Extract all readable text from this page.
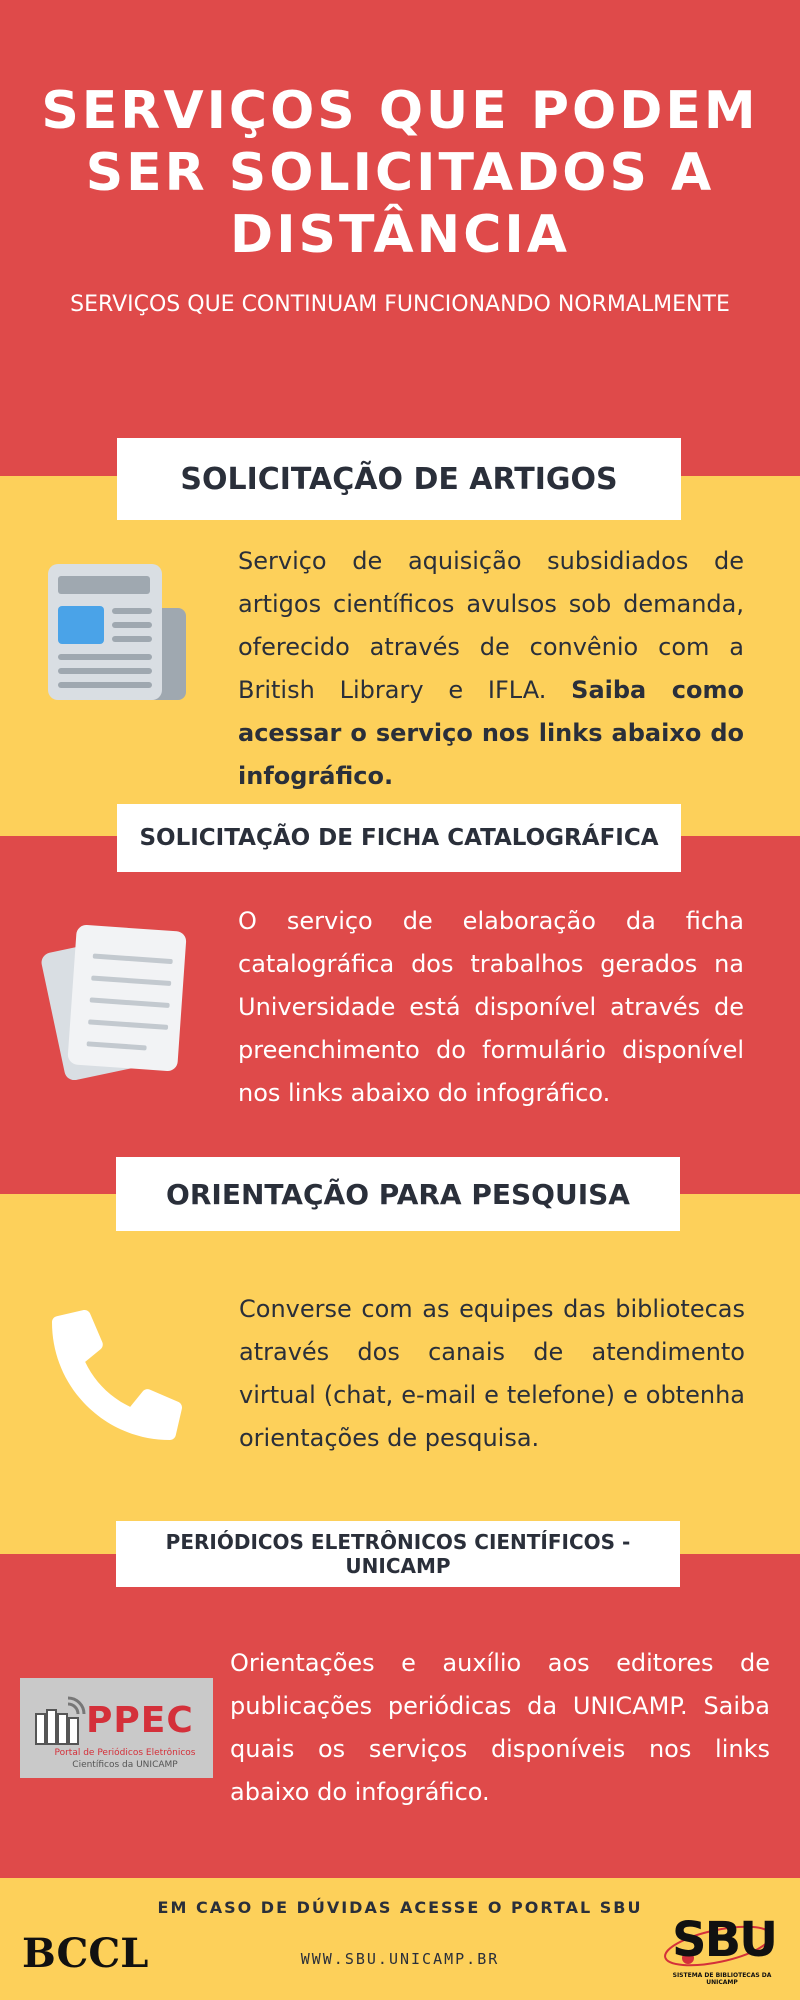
SERVIÇOS QUE PODEM SER SOLICITADOS A DISTÂNCIA
SERVIÇOS QUE CONTINUAM FUNCIONANDO NORMALMENTE
SOLICITAÇÃO DE ARTIGOS
Serviço de aquisição subsidiados de artigos científicos avulsos sob demanda, oferecido através de convênio com a British Library e IFLA. Saiba como acessar o serviço nos links abaixo do infográfico.
SOLICITAÇÃO DE FICHA CATALOGRÁFICA
O serviço de elaboração da ficha catalográfica dos trabalhos gerados na Universidade está disponível através de preenchimento do formulário disponível nos links abaixo do infográfico.
ORIENTAÇÃO PARA PESQUISA
Converse com as equipes das bibliotecas através dos canais de atendimento virtual (chat, e-mail e telefone) e obtenha orientações de pesquisa.
PERIÓDICOS ELETRÔNICOS CIENTÍFICOS - UNICAMP
PPEC
Portal de Periódicos Eletrônicos
Científicos da UNICAMP
Orientações e auxílio aos editores de publicações periódicas da UNICAMP. Saiba quais os serviços disponíveis nos links abaixo do infográfico.
EM CASO DE DÚVIDAS ACESSE O PORTAL SBU
WWW.SBU.UNICAMP.BR
BCCL	SBU
SISTEMA DE BIBLIOTECAS DA UNICAMP
